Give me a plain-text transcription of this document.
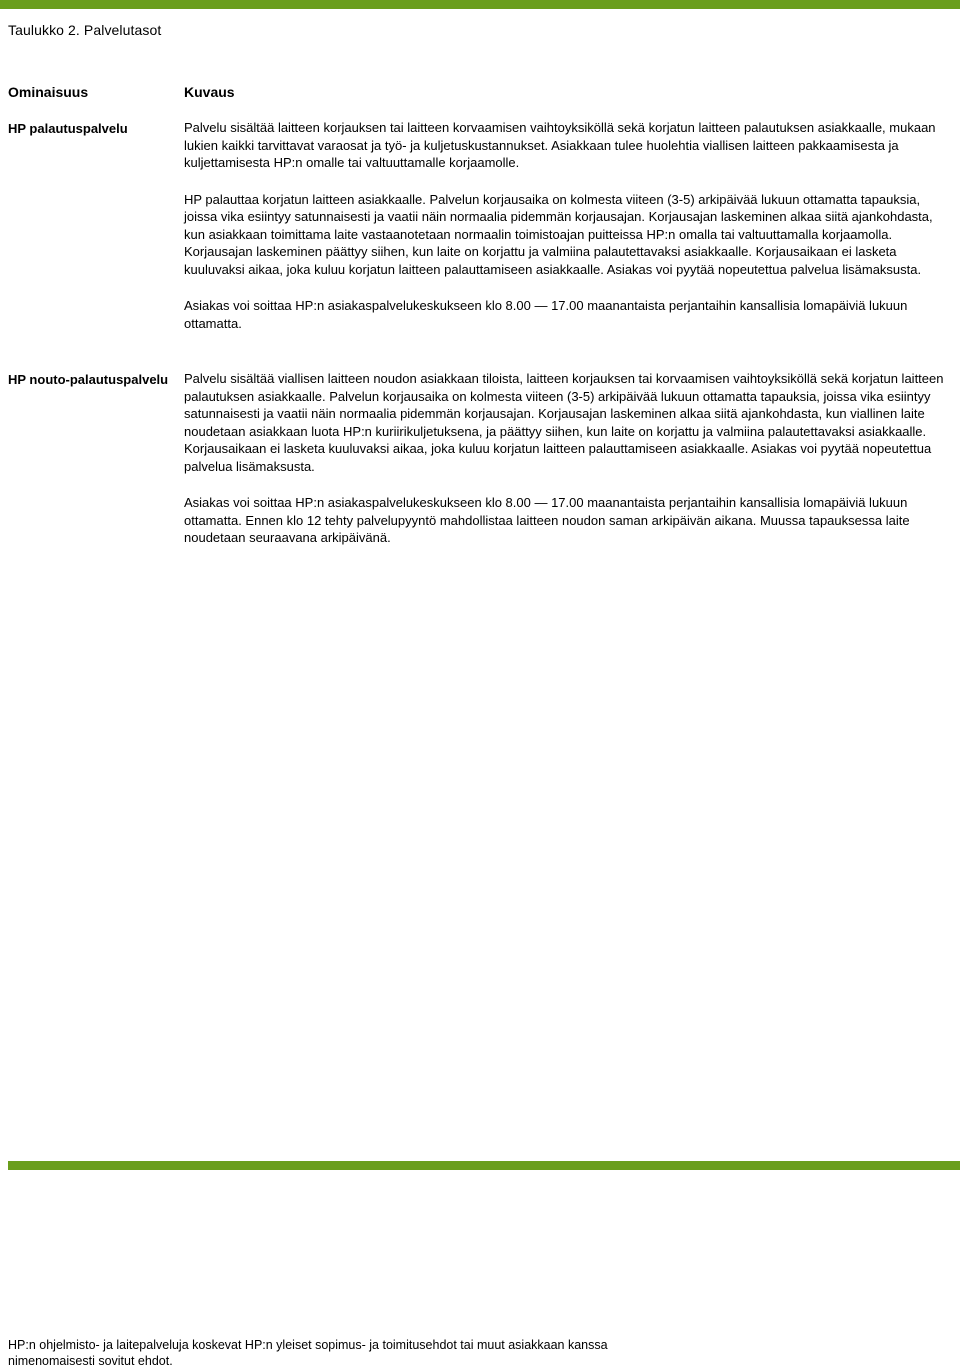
Taulukko 2. Palvelutasot
Ominaisuus	Kuvaus
HP palautuspalvelu	Palvelu sisältää laitteen korjauksen tai laitteen korvaamisen vaihtoyksiköllä sekä korjatun laitteen palautuksen asiakkaalle, mukaan lukien kaikki tarvittavat varaosat ja työ- ja kuljetuskustannukset. Asiakkaan tulee huolehtia viallisen laitteen pakkaamisesta ja kuljettamisesta HP:n omalle tai valtuuttamalle korjaamolle.

HP palauttaa korjatun laitteen asiakkaalle. Palvelun korjausaika on kolmesta viiteen (3-5) arkipäivää lukuun ottamatta tapauksia, joissa vika esiintyy satunnaisesti ja vaatii näin normaalia pidemmän korjausajan. Korjausajan laskeminen alkaa siitä ajankohdasta, kun asiakkaan toimittama laite vastaanotetaan normaalin toimistoajan puitteissa HP:n omalla tai valtuuttamalla korjaamolla. Korjausajan laskeminen päättyy siihen, kun laite on korjattu ja valmiina palautettavaksi asiakkaalle. Korjausaikaan ei lasketa kuuluvaksi aikaa, joka kuluu korjatun laitteen palauttamiseen asiakkaalle. Asiakas voi pyytää nopeutettua palvelua lisämaksusta.

Asiakas voi soittaa HP:n asiakaspalvelukeskukseen klo 8.00 — 17.00 maanantaista perjantaihin kansallisia lomapäiviä lukuun ottamatta.

HP nouto-palautuspalvelu Palvelu sisältää viallisen laitteen noudon asiakkaan tiloista, laitteen korjauksen tai korvaamisen vaihtoyksiköllä sekä korjatun laitteen palautuksen asiakkaalle. Palvelun korjausaika on kolmesta viiteen (3-5) arkipäivää lukuun ottamatta tapauksia, joissa vika esiintyy satunnaisesti ja vaatii näin normaalia pidemmän korjausajan. Korjausajan laskeminen alkaa siitä ajankohdasta, kun viallinen laite noudetaan asiakkaan luota HP:n kuriirikuljetuksena, ja päättyy siihen, kun laite on korjattu ja valmiina palautettavaksi asiakkaalle. Korjausaikaan ei lasketa kuuluvaksi aikaa, joka kuluu korjatun laitteen palauttamiseen asiakkaalle. Asiakas voi pyytää nopeutettua palvelua lisämaksusta.

Asiakas voi soittaa HP:n asiakaspalvelukeskukseen klo 8.00 — 17.00 maanantaista perjantaihin kansallisia lomapäiviä lukuun ottamatta. Ennen klo 12 tehty palvelupyyntö mahdollistaa laitteen noudon saman arkipäivän aikana. Muussa tapauksessa laite noudetaan seuraavana arkipäivänä.

HP:n ohjelmisto- ja laitepalveluja koskevat HP:n yleiset sopimus- ja toimitusehdot tai muut asiakkaan kanssa nimenomaisesti sovitut ehdot.
